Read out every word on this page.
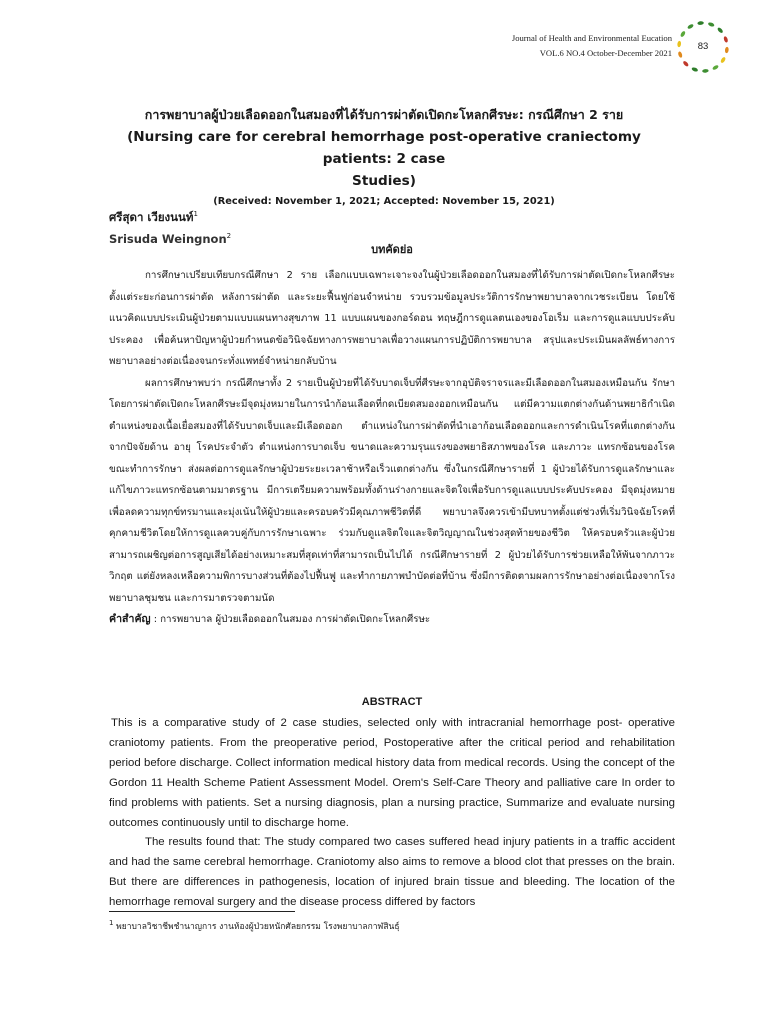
Journal of Health and Environmental Eucation
VOL.6 NO.4 October-December 2021
83
การพยาบาลผู้ป่วยเลือดออกในสมองที่ได้รับการผ่าตัดเปิดกะโหลกศีรษะ: กรณีศึกษา 2 ราย
(Nursing care for cerebral hemorrhage post-operative craniectomy patients: 2 case
Studies)
(Received: November 1, 2021; Accepted: November 15, 2021)
ศรีสุดา เวียงนนท์$^1$
Srisuda Weingnon$^2$
บทคัดย่อ

การศึกษาเปรียบเทียบกรณีศึกษา 2 ราย เลือกแบบเฉพาะเจาะจงในผู้ป่วยเลือดออกในสมองที่ได้รับการผ่าตัดเปิดกะโหลกศีรษะ ตั้งแต่ระยะก่อนการผ่าตัด หลังการผ่าตัด และระยะฟื้นฟูก่อนจำหน่าย รวบรวมข้อมูลประวัติการรักษาพยาบาลจากเวชระเบียน โดยใช้แนวคิดแบบประเมินผู้ป่วยตามแบบแผนทางสุขภาพ 11 แบบแผนของกอร์ดอน ทฤษฎีการดูแลตนเองของโอเร็ม และการดูแลแบบประคับประคอง เพื่อค้นหาปัญหาผู้ป่วยกำหนดข้อวินิจฉัยทางการพยาบาลเพื่อวางแผนการปฏิบัติการพยาบาล สรุปและประเมินผลลัพธ์ทางการพยาบาลอย่างต่อเนื่องจนกระทั่งแพทย์จำหน่ายกลับบ้าน

ผลการศึกษาพบว่า กรณีศึกษาทั้ง 2 รายเป็นผู้ป่วยที่ได้รับบาดเจ็บที่ศีรษะจากอุบัติจราจรและมีเลือดออกในสมองเหมือนกัน รักษาโดยการผ่าตัดเปิดกะโหลกศีรษะมีจุดมุ่งหมายในการนำก้อนเลือดที่กดเบียดสมองออกเหมือนกัน แต่มีความแตกต่างกันด้านพยาธิกำเนิดตำแหน่งของเนื้อเยื่อสมองที่ได้รับบาดเจ็บและมีเลือดออก ตำแหน่งในการผ่าตัดที่นำเอาก้อนเลือดออกและการดำเนินโรคที่แตกต่างกันจากปัจจัยด้าน อายุ โรคประจำตัว ตำแหน่งการบาดเจ็บ ขนาดและความรุนแรงของพยาธิสภาพของโรค และภาวะ แทรกซ้อนของโรคขณะทำการรักษา ส่งผลต่อการดูแลรักษาผู้ป่วยระยะเวลาช้าหรือเร็วแตกต่างกัน ซึ่งในกรณีศึกษารายที่ 1 ผู้ป่วยได้รับการดูแลรักษาและแก้ไขภาวะแทรกซ้อนตามมาตรฐาน มีการเตรียมความพร้อมทั้งด้านร่างกายและจิตใจเพื่อรับการดูแลแบบประคับประคอง มีจุดมุ่งหมายเพื่อลดความทุกข์ทรมานและมุ่งเน้นให้ผู้ป่วยและครอบครัวมีคุณภาพชีวิตที่ดี พยาบาลจึงควรเข้ามีบทบาทตั้งแต่ช่วงที่เริ่มวินิจฉัยโรคที่คุกคามชีวิตโดยให้การดูแลควบคู่กับการรักษาเฉพาะ ร่วมกับดูแลจิตใจและจิตวิญญาณในช่วงสุดท้ายของชีวิต ให้ครอบครัวและผู้ป่วยสามารถเผชิญต่อการสูญเสียได้อย่างเหมาะสมที่สุดเท่าที่สามารถเป็นไปได้ กรณีศึกษารายที่ 2 ผู้ป่วยได้รับการช่วยเหลือให้พ้นจากภาวะวิกฤต แต่ยังหลงเหลือความพิการบางส่วนที่ต้องไปฟื้นฟู และทำกายภาพบำบัดต่อที่บ้าน ซึ่งมีการติดตามผลการรักษาอย่างต่อเนื่องจากโรงพยาบาลชุมชน และการมาตรวจตามนัด

คำสำคัญ : การพยาบาล ผู้ป่วยเลือดออกในสมอง การผ่าตัดเปิดกะโหลกศีรษะ

ABSTRACT

This is a comparative study of 2 case studies, selected only with intracranial hemorrhage post- operative craniotomy patients. From the preoperative period, Postoperative after the critical period and rehabilitation period before discharge. Collect information medical history data from medical records. Using the concept of the Gordon 11 Health Scheme Patient Assessment Model. Orem's Self-Care Theory and palliative care In order to find problems with patients. Set a nursing diagnosis, plan a nursing practice, Summarize and evaluate nursing outcomes continuously until to discharge home.

The results found that: The study compared two cases suffered head injury patients in a traffic accident and had the same cerebral hemorrhage. Craniotomy also aims to remove a blood clot that presses on the brain. But there are differences in pathogenesis, location of injured brain tissue and bleeding. The location of the hemorrhage removal surgery and the disease process differed by factors

$^1$ พยาบาลวิชาชีพชำนาญการ งานห้องผู้ป่วยหนักศัลยกรรม โรงพยาบาลกาฬสินธุ์
